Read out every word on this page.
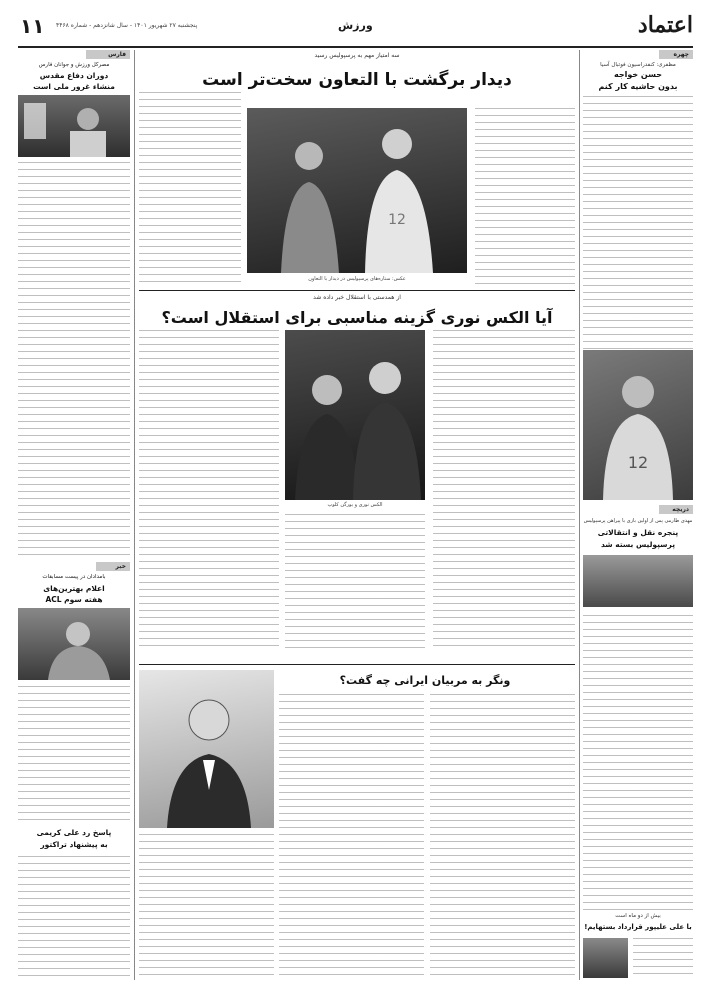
۱۱ پنجشنبه ۲۷ شهریور ۱۴۰۱ - سال شانزدهم - شماره ۴۴۶۸	ورزش	اعتماد
چهره
مظفری: کنفدراسیون فوتبال آسیا
حسن خواجه
بدون حاشیه کار کنم
12
دریچه
مهدی طارمی پس از اولین بازی با پیراهن پرسپولیس
پنجره نقل و انتقالاتی
پرسپولیس بسته شد
بیش از دو ماه است
با علی علیپور قرارداد بستهایم!
فارس
مصرکل ورزش و جوانان فارس
دوران دفاع مقدس
منشاء غرور ملی است
خبر
بامدادان در پیست مسابقات
اعلام بهترین‌های
هفته سوم ACL
پاسخ رد علی کریمی
به پیشنهاد تراکتور
سه امتیاز مهم به پرسپولیس رسید
دیدار برگشت با التعاون سخت‌تر است
12
عکس: ستاره‌های پرسپولیس در دیدار با التعاون
از همدستی با استقلال خبر داده شد
آیا الکس نوری گزینه مناسبی برای استقلال است؟
الکس نوری و یورگن کلوپ
ونگر به مربیان ایرانی چه گفت؟
